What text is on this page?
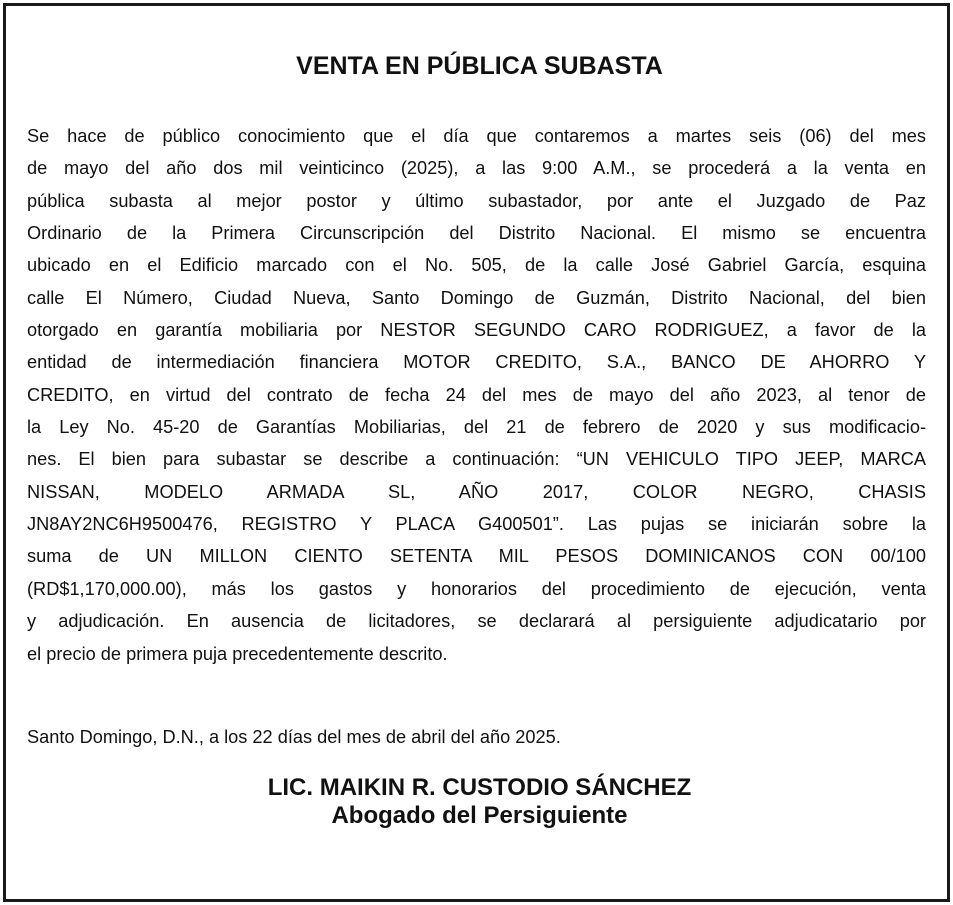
VENTA EN PÚBLICA SUBASTA

Se hace de público conocimiento que el día que contaremos a martes seis (06) del mes
de mayo del año dos mil veinticinco (2025), a las 9:00 A.M., se procederá a la venta en
pública subasta al mejor postor y último subastador, por ante el Juzgado de Paz
Ordinario de la Primera Circunscripción del Distrito Nacional. El mismo se encuentra
ubicado en el Edificio marcado con el No. 505, de la calle José Gabriel García, esquina
calle El Número, Ciudad Nueva, Santo Domingo de Guzmán, Distrito Nacional, del bien
otorgado en garantía mobiliaria por NESTOR SEGUNDO CARO RODRIGUEZ, a favor de la
entidad de intermediación financiera MOTOR CREDITO, S.A., BANCO DE AHORRO Y
CREDITO, en virtud del contrato de fecha 24 del mes de mayo del año 2023, al tenor de
la Ley No. 45-20 de Garantías Mobiliarias, del 21 de febrero de 2020 y sus modificacio-
nes. El bien para subastar se describe a continuación: “UN VEHICULO TIPO JEEP, MARCA
NISSAN, MODELO ARMADA SL, AÑO 2017, COLOR NEGRO, CHASIS
JN8AY2NC6H9500476, REGISTRO Y PLACA G400501”. Las pujas se iniciarán sobre la
suma de UN MILLON CIENTO SETENTA MIL PESOS DOMINICANOS CON 00/100
(RD$1,170,000.00), más los gastos y honorarios del procedimiento de ejecución, venta
y adjudicación. En ausencia de licitadores, se declarará al persiguiente adjudicatario por
el precio de primera puja precedentemente descrito.

Santo Domingo, D.N., a los 22 días del mes de abril del año 2025.

LIC. MAIKIN R. CUSTODIO SÁNCHEZ
Abogado del Persiguiente
